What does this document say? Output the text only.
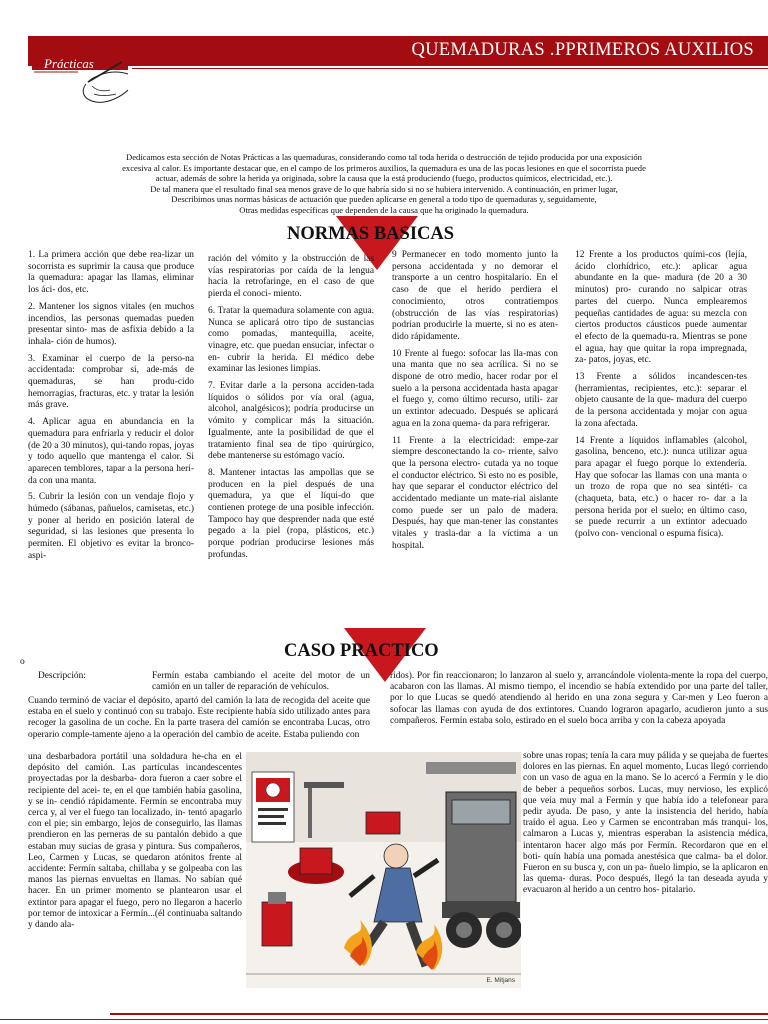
QUEMADURAS .PPRIMEROS AUXILIOS
Prácticas

Dedicamos esta sección de Notas Prácticas a las quemaduras, considerando como tal toda herida o destrucción de tejido producida por una exposición

excesiva al calor. Es importante destacar que, en el campo de los primeros auxilios, la quemadura es una de las pocas lesiones en que el socorrista puede

actuar, además de sobre la herida ya originada, sobre la causa que la está produciendo (fuego, productos químicos, electricidad, etc.).

De tal manera que el resultado final sea menos grave de lo que habría sido si no se hubiera intervenido. A continuación, en primer lugar,

Describimos unas normas básicas de actuación que pueden aplicarse en general a todo tipo de quemaduras y, seguidamente,

Otras medidas específicas que dependen de la causa que ha originado la quemadura.

NORMAS BASICAS

1. La primera acción que debe rea-lizar un socorrista es suprimir la causa que produce la quemadura: apagar las llamas, eliminar los áci- dos, etc.

2. Mantener los signos vitales (en muchos incendios, las personas quemadas pueden presentar sinto- mas de asfixia debido a la inhala- ción de humos).

3. Examinar el cuerpo de la perso-na accidentada: comprobar si, ade-más de quemaduras, se han produ-cido hemorragias, fracturas, etc. y tratar la lesión más grave.

4. Aplicar agua en abundancia en la quemadura para enfriarla y reducir el dolor (de 20 a 30 minutos), qui-tando ropas, joyas y todo aquello que mantenga el calor. Si aparecen temblores, tapar a la persona heri- da con una manta.

5. Cubrir la lesión con un vendaje flojo y húmedo (sábanas, pañuelos, camisetas, etc.) y poner al herido en posición lateral de seguridad, si las lesiones que presenta lo permiten. El objetivo es evitar la bronco-aspi-

ración del vómito y la obstrucción de las vías respiratorias por caída de la lengua hacia la retrofaringe, en el caso de que pierda el conoci- miento.

6. Tratar la quemadura solamente con agua. Nunca se aplicará otro tipo de sustancias como pomadas, mantequilla, aceite, vinagre, etc. que puedan ensuciar, infectar o en- cubrir la herida. El médico debe examinar las lesiones limpias.

7. Evitar darle a la persona acciden-tada líquidos o sólidos por vía oral (agua, alcohol, analgésicos); podría producirse un vómito y complicar más la situación. Igualmente, ante la posibilidad de que el tratamiento final sea de tipo quirúrgico, debe mantenerse su estómago vacío.

8. Mantener intactas las ampollas que se producen en la piel después de una quemadura, ya que el líqui-do que contienen protege de una posible infección. Tampoco hay que desprender nada que esté pegado a la piel (ropa, plásticos, etc.) porque podrían producirse lesiones más profundas.

9 Permanecer en todo momento junto la persona accidentada y no demorar el transporte a un centro hospitalario. En el caso de que el herido perdiera el conocimiento, otros contratiempos (obstrucción de las vías respiratorias) podrían producirle la muerte, si no es aten-dido rápidamente.

10 Frente al fuego: sofocar las lla-mas con una manta que no sea acrílica. Si no se dispone de otro medio, hacer rodar por el suelo a la persona accidentada hasta apagar el fuego y, como último recurso, utili- zar un extintor adecuado. Después se aplicará agua en la zona quema- da para refrigerar.

11 Frente a la electricidad: empe-zar siempre desconectando la co- rriente, salvo que la persona electro- cutada ya no toque el conductor eléctrico. Si esto no es posible, hay que separar el conductor eléctrico del accidentado mediante un mate-rial aislante como puede ser un palo de madera. Después, hay que man-tener las constantes vitales y trasla-dar a la víctima a un hospital.

12 Frente a los productos quími-cos (lejía, ácido clorhídrico, etc.): aplicar agua abundante en la que- madura (de 20 a 30 minutos) pro- curando no salpicar otras partes del cuerpo. Nunca emplearemos pequeñas cantidades de agua: su mezcla con ciertos productos cáusticos puede aumentar el efecto de la quemadu-ra. Mientras se pone el agua, hay que quitar la ropa impregnada, za- patos, joyas, etc.

13 Frente a sólidos incandescen-tes (herramientas, recipientes, etc.): separar el objeto causante de la que- madura del cuerpo de la persona accidentada y mojar con agua la zona afectada.

14 Frente a líquidos inflamables (alcohol, gasolina, benceno, etc.): nunca utilizar agua para apagar el fuego porque lo extendería. Hay que sofocar las llamas con una manta o un trozo de ropa que no sea sintéti- ca (chaqueta, bata, etc.) o hacer ro- dar a la persona herida por el suelo; en último caso, se puede recurrir a un extintor adecuado (polvo con- vencional o espuma física).

CASO PRACTICO
o
Descripción:	Fermín estaba cambiando el aceite del motor de un camión en un taller de reparación de vehículos.
Cuando terminó de vaciar el depósito, apartó del camión la lata de recogida del aceite que estaba en el suelo y continuó con su trabajo. Este recipiente había sido utilizado antes para recoger la gasolina de un coche. En la parte trasera del camión se encontraba Lucas, otro operario comple-tamente ajeno a la operación del cambio de aceite. Estaba puliendo con
una desbarbadora portátil una soldadura he-cha en el depósito del camión. Las partículas incandescentes proyectadas por la desbarba- dora fueron a caer sobre el recipiente del acei- te, en el que también había gasolina, y se in- cendió rápidamente. Fermín se encontraba muy cerca y, al ver el fuego tan localizado, in- tentó apagarlo con el pie; sin embargo, lejos de conseguirlo, las llamas prendieron en las perneras de su pantalón debido a que estaban muy sucias de grasa y pintura. Sus compañeros, Leo, Carmen y Lucas, se quedaron atónitos frente al accidente: Fermín saltaba, chillaba y se golpeaba con las manos las piernas envueltas en llamas. No sabían qué hacer. En un primer momento se plantearon usar el extintor para apagar el fuego, pero no llegaron a hacerlo por temor de intoxicar a Fermín...(él continuaba saltando y dando ala-
ridos). Por fin reaccionaron; lo lanzaron al suelo y, arrancándole violenta-mente la ropa del cuerpo, acabaron con las llamas. Al mismo tiempo, el incendio se había extendido por una parte del taller, por lo que Lucas se quedó atendiendo al herido en una zona segura y Car-men y Leo fueron a sofocar las llamas con ayuda de dos extintores. Cuando lograron apagarlo, acudieron junto a sus compañeros. Fermín estaba solo, estirado en el suelo boca arriba y con la cabeza apoyada
sobre unas ropas; tenía la cara muy pálida y se quejaba de fuertes dolores en las piernas. En aquel momento, Lucas llegó corriendo con un vaso de agua en la mano. Se lo acercó a Fermín y le dio de beber a pequeños sorbos. Lucas, muy nervioso, les explicó que veía muy mal a Fermín y que había ido a telefonear para pedir ayuda. De paso, y ante la insistencia del herido, había traído el agua. Leo y Carmen se encontraban más tranqui- los, calmaron a Lucas y, mientras esperaban la asistencia médica, intentaron hacer algo más por Fermín. Recordaron que en el boti- quín había una pomada anestésica que calma- ba el dolor. Fueron en su busca y, con un pa- ñuelo limpio, se la aplicaron en las quema- duras. Poco después, llegó la tan deseada ayuda y evacuaron al herido a un centro hos- pitalario.
E. Mitjans
